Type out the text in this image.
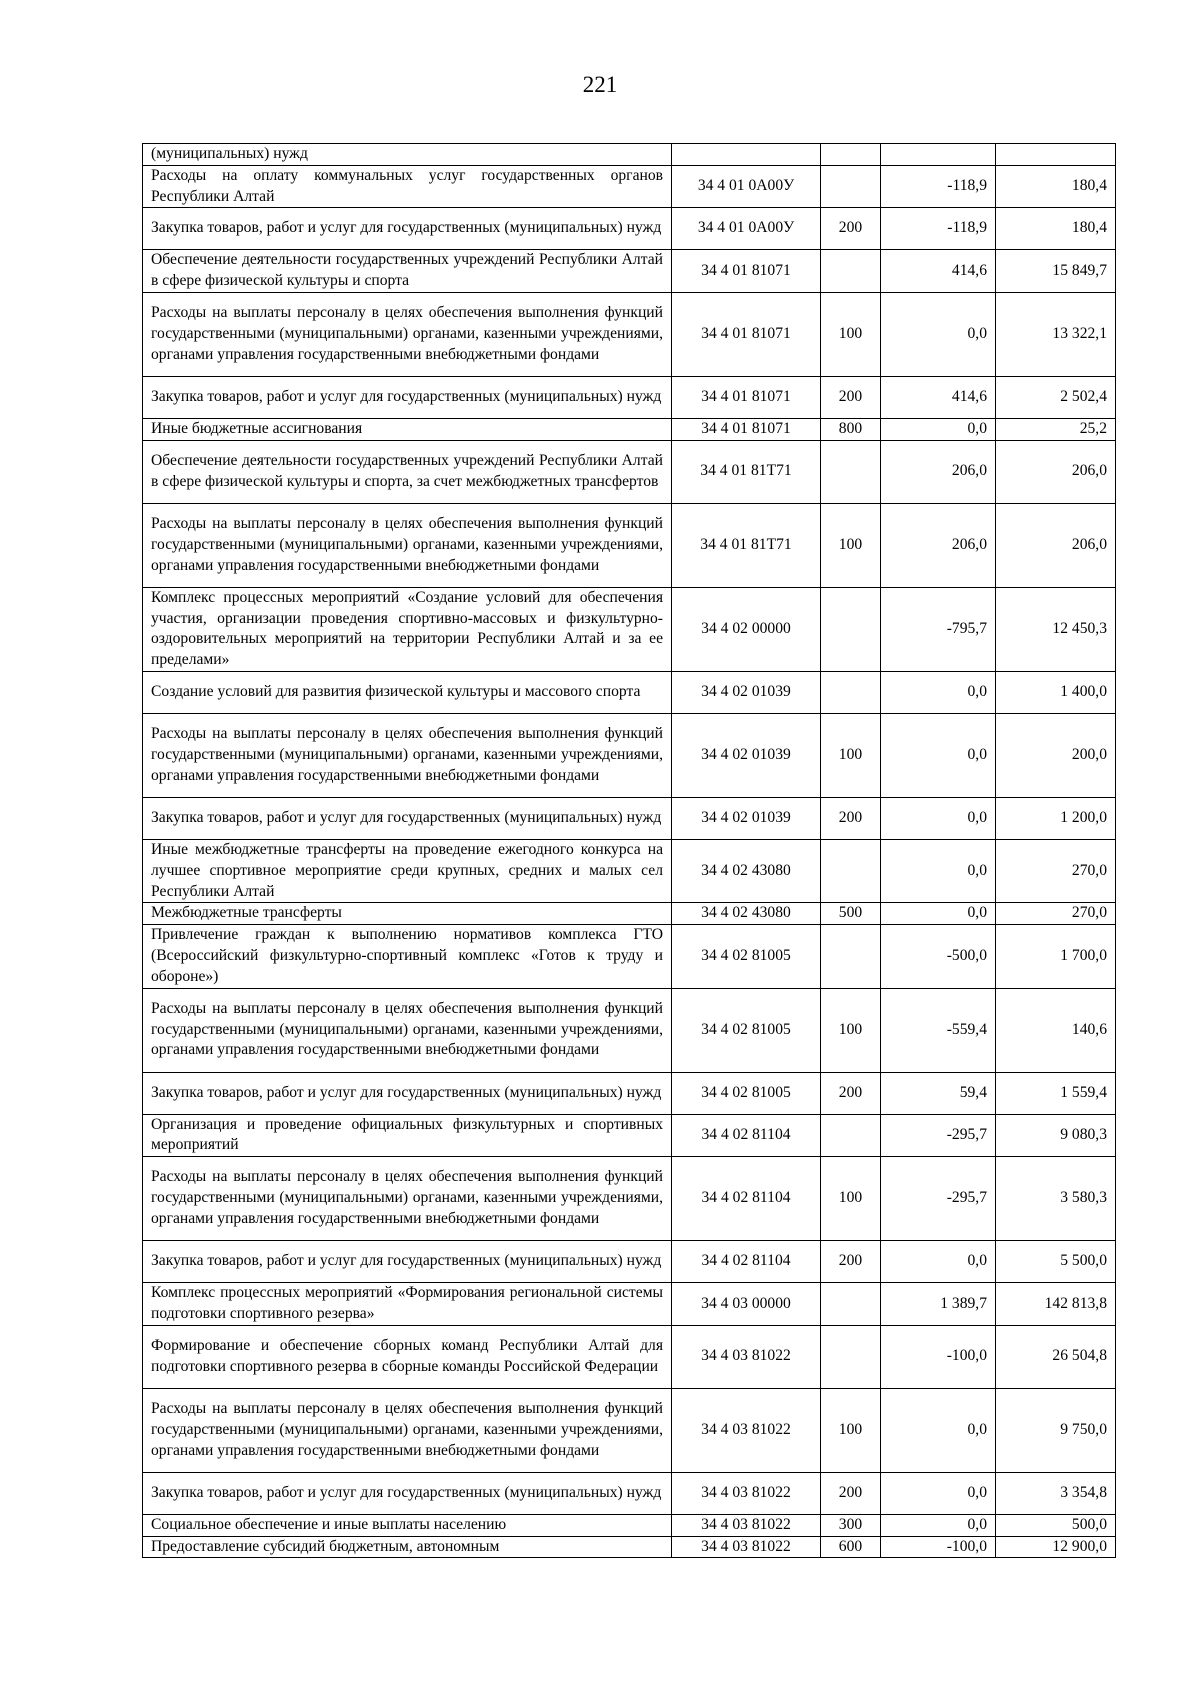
221
(муниципальных) нужд				
Расходы на оплату коммунальных услуг государственных органов Республики Алтай	34 4 01 0А00У		-118,9	180,4
Закупка товаров, работ и услуг для государственных (муниципальных) нужд	34 4 01 0А00У	200	-118,9	180,4
Обеспечение деятельности государственных учреждений Республики Алтай в сфере физической культуры и спорта	34 4 01 81071		414,6	15 849,7
Расходы на выплаты персоналу в целях обеспечения выполнения функций государственными (муниципальными) органами, казенными учреждениями, органами управления государственными внебюджетными фондами	34 4 01 81071	100	0,0	13 322,1
Закупка товаров, работ и услуг для государственных (муниципальных) нужд	34 4 01 81071	200	414,6	2 502,4
Иные бюджетные ассигнования	34 4 01 81071	800	0,0	25,2
Обеспечение деятельности государственных учреждений Республики Алтай в сфере физической культуры и спорта, за счет межбюджетных трансфертов	34 4 01 81Т71		206,0	206,0
Расходы на выплаты персоналу в целях обеспечения выполнения функций государственными (муниципальными) органами, казенными учреждениями, органами управления государственными внебюджетными фондами	34 4 01 81Т71	100	206,0	206,0
Комплекс процессных мероприятий «Создание условий для обеспечения участия, организации проведения спортивно-массовых и физкультурно-оздоровительных мероприятий на территории Республики Алтай и за ее пределами»	34 4 02 00000		-795,7	12 450,3
Создание условий для развития физической культуры и массового спорта	34 4 02 01039		0,0	1 400,0
Расходы на выплаты персоналу в целях обеспечения выполнения функций государственными (муниципальными) органами, казенными учреждениями, органами управления государственными внебюджетными фондами	34 4 02 01039	100	0,0	200,0
Закупка товаров, работ и услуг для государственных (муниципальных) нужд	34 4 02 01039	200	0,0	1 200,0
Иные межбюджетные трансферты на проведение ежегодного конкурса на лучшее спортивное мероприятие среди крупных, средних и малых сел Республики Алтай	34 4 02 43080		0,0	270,0
Межбюджетные трансферты	34 4 02 43080	500	0,0	270,0
Привлечение граждан к выполнению нормативов комплекса ГТО (Всероссийский физкультурно-спортивный комплекс «Готов к труду и обороне»)	34 4 02 81005		-500,0	1 700,0
Расходы на выплаты персоналу в целях обеспечения выполнения функций государственными (муниципальными) органами, казенными учреждениями, органами управления государственными внебюджетными фондами	34 4 02 81005	100	-559,4	140,6
Закупка товаров, работ и услуг для государственных (муниципальных) нужд	34 4 02 81005	200	59,4	1 559,4
Организация и проведение официальных физкультурных и спортивных мероприятий	34 4 02 81104		-295,7	9 080,3
Расходы на выплаты персоналу в целях обеспечения выполнения функций государственными (муниципальными) органами, казенными учреждениями, органами управления государственными внебюджетными фондами	34 4 02 81104	100	-295,7	3 580,3
Закупка товаров, работ и услуг для государственных (муниципальных) нужд	34 4 02 81104	200	0,0	5 500,0
Комплекс процессных мероприятий «Формирования региональной системы подготовки спортивного резерва»	34 4 03 00000		1 389,7	142 813,8
Формирование и обеспечение сборных команд Республики Алтай для подготовки спортивного резерва в сборные команды Российской Федерации	34 4 03 81022		-100,0	26 504,8
Расходы на выплаты персоналу в целях обеспечения выполнения функций государственными (муниципальными) органами, казенными учреждениями, органами управления государственными внебюджетными фондами	34 4 03 81022	100	0,0	9 750,0
Закупка товаров, работ и услуг для государственных (муниципальных) нужд	34 4 03 81022	200	0,0	3 354,8
Социальное обеспечение и иные выплаты населению	34 4 03 81022	300	0,0	500,0
Предоставление субсидий бюджетным, автономным	34 4 03 81022	600	-100,0	12 900,0
